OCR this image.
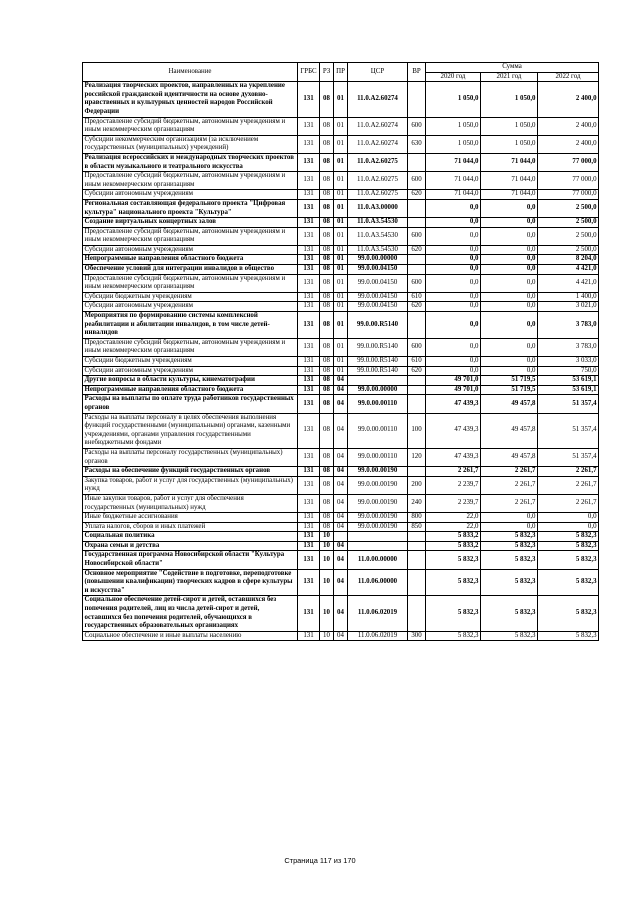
Наименование	ГРБС	РЗ	ПР	ЦСР	ВР	Сумма		
						2020 год	2021 год	2022 год
Реализация творческих проектов, направленных на укрепление российской гражданской идентичности на основе духовно-нравственных и культурных ценностей народов Российской Федерации	131	08	01	11.0.A2.60274		1 050,0	1 050,0	2 400,0
Предоставление субсидий бюджетным, автономным учреждениям и иным некоммерческим организациям	131	08	01	11.0.A2.60274	600	1 050,0	1 050,0	2 400,0
Субсидии некоммерческим организациям (за исключением государственных (муниципальных) учреждений)	131	08	01	11.0.A2.60274	630	1 050,0	1 050,0	2 400,0
Реализация всероссийских и международных творческих проектов в области музыкального и театрального искусства	131	08	01	11.0.A2.60275		71 044,0	71 044,0	77 000,0
Предоставление субсидий бюджетным, автономным учреждениям и иным некоммерческим организациям	131	08	01	11.0.A2.60275	600	71 044,0	71 044,0	77 000,0
Субсидии автономным учреждениям	131	08	01	11.0.A2.60275	620	71 044,0	71 044,0	77 000,0
Региональная составляющая федерального проекта "Цифровая культура" национального проекта "Культура"	131	08	01	11.0.A3.00000		0,0	0,0	2 500,0
Создание виртуальных концертных залов	131	08	01	11.0.A3.54530		0,0	0,0	2 500,0
Предоставление субсидий бюджетным, автономным учреждениям и иным некоммерческим организациям	131	08	01	11.0.A3.54530	600	0,0	0,0	2 500,0
Субсидии автономным учреждениям	131	08	01	11.0.A3.54530	620	0,0	0,0	2 500,0
Непрограммные направления областного бюджета	131	08	01	99.0.00.00000		0,0	0,0	8 204,0
Обеспечение условий для интеграции инвалидов в общество	131	08	01	99.0.00.04150		0,0	0,0	4 421,0
Предоставление субсидий бюджетным, автономным учреждениям и иным некоммерческим организациям	131	08	01	99.0.00.04150	600	0,0	0,0	4 421,0
Субсидии бюджетным учреждениям	131	08	01	99.0.00.04150	610	0,0	0,0	1 400,0
Субсидии автономным учреждениям	131	08	01	99.0.00.04150	620	0,0	0,0	3 021,0
Мероприятия по формированию системы комплексной реабилитации и абилитации инвалидов, в том числе детей-инвалидов	131	08	01	99.0.00.R5140		0,0	0,0	3 783,0
Предоставление субсидий бюджетным, автономным учреждениям и иным некоммерческим организациям	131	08	01	99.0.00.R5140	600	0,0	0,0	3 783,0
Субсидии бюджетным учреждениям	131	08	01	99.0.00.R5140	610	0,0	0,0	3 033,0
Субсидии автономным учреждениям	131	08	01	99.0.00.R5140	620	0,0	0,0	750,0
Другие вопросы в области культуры, кинематографии	131	08	04			49 701,0	51 719,5	53 619,1
Непрограммные направления областного бюджета	131	08	04	99.0.00.00000		49 701,0	51 719,5	53 619,1
Расходы на выплаты по оплате труда работников государственных органов	131	08	04	99.0.00.00110		47 439,3	49 457,8	51 357,4
Расходы на выплаты персоналу в целях обеспечения выполнения функций государственными (муниципальными) органами, казенными учреждениями, органами управления государственными внебюджетными фондами	131	08	04	99.0.00.00110	100	47 439,3	49 457,8	51 357,4
Расходы на выплаты персоналу государственных (муниципальных) органов	131	08	04	99.0.00.00110	120	47 439,3	49 457,8	51 357,4
Расходы на обеспечение функций государственных органов	131	08	04	99.0.00.00190		2 261,7	2 261,7	2 261,7
Закупка товаров, работ и услуг для государственных (муниципальных) нужд	131	08	04	99.0.00.00190	200	2 239,7	2 261,7	2 261,7
Иные закупки товаров, работ и услуг для обеспечения государственных (муниципальных) нужд	131	08	04	99.0.00.00190	240	2 239,7	2 261,7	2 261,7
Иные бюджетные ассигнования	131	08	04	99.0.00.00190	800	22,0	0,0	0,0
Уплата налогов, сборов и иных платежей	131	08	04	99.0.00.00190	850	22,0	0,0	0,0
Социальная политика	131	10				5 833,2	5 832,3	5 832,3
Охрана семьи и детства	131	10	04			5 833,2	5 832,3	5 832,3
Государственная программа Новосибирской области "Культура Новосибирской области"	131	10	04	11.0.00.00000		5 832,3	5 832,3	5 832,3
Основное мероприятие "Содействие в подготовке, переподготовке (повышении квалификации) творческих кадров в сфере культуры и искусства"	131	10	04	11.0.06.00000		5 832,3	5 832,3	5 832,3
Социальное обеспечение детей-сирот и детей, оставшихся без попечения родителей, лиц из числа детей-сирот и детей, оставшихся без попечения родителей, обучающихся в государственных образовательных организациях	131	10	04	11.0.06.02019		5 832,3	5 832,3	5 832,3
Социальное обеспечение и иные выплаты населению	131	10	04	11.0.06.02019	300	5 832,3	5 832,3	5 832,3
Страница 117 из 170
